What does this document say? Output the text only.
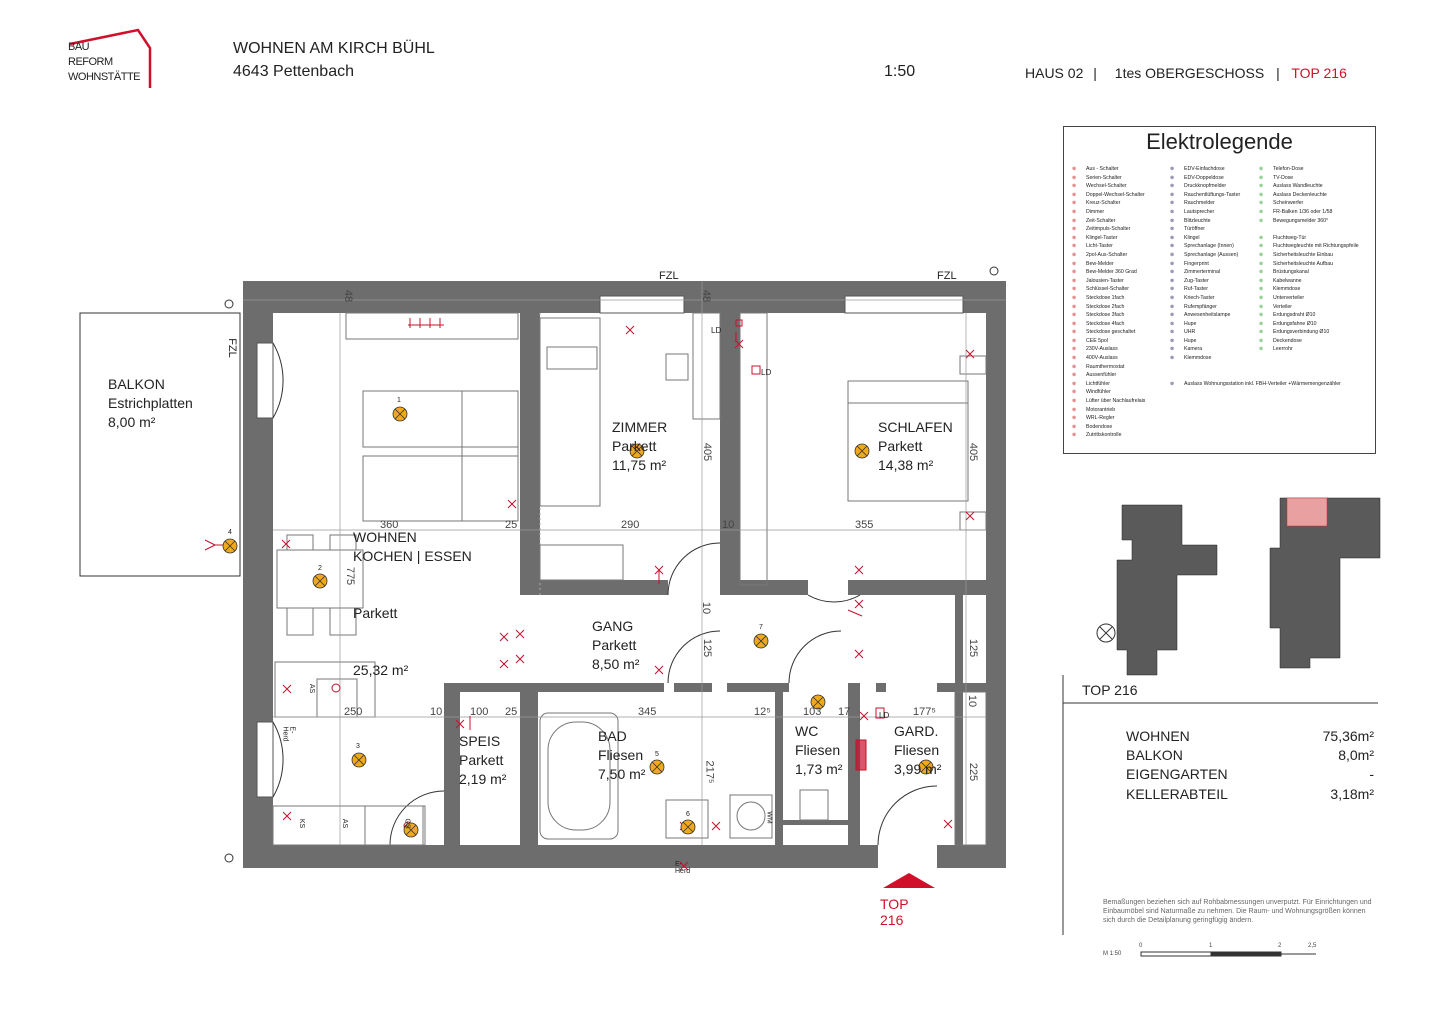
BAU
REFORM
WOHNSTÄTTE
WOHNEN AM KIRCH BÜHL
4643 Pettenbach	1:50	HAUS 02 | 1tes OBERGESCHOSS | TOP 216
BALKON
Estrichplatten
8,00 m²

WOHNEN
KOCHEN | ESSEN

Parkett

25,32 m²

ZIMMER
Parkett
11,75 m²
SCHLAFEN
Parkett
14,38 m²
GANG
Parkett
8,50 m²
SPEIS
Parkett
2,19 m²
BAD
Fliesen
7,50 m²
WC
Fliesen
1,73 m²
GARD.
Fliesen
3,99 m²
360	25	290	10	355
775
405	405
10
125	125
10
250	10	100 25	345	12⁵	103 17	177⁵
217⁵	225
48	48
FZL
FZL	FZL
LD
LD
LD
AS
AS
KS	GS	WM
E-Herd
E-Herd
1
2
3
4
5
6
7
TOP 216
Elektrolegende
⊗ Aus - Schalter
⊗ Serien-Schalter
⊗ Wechsel-Schalter
⊗ Doppel-Wechsel-Schalter
⊗ Kreuz-Schalter
⊗ Dimmer
⊗ Zeit-Schalter
⊗ Zeitimpuls-Schalter
⊗ Klingel-Taster
⊗ Licht-Taster
⊗ 2pol-Aus-Schalter
⊗ Bew-Melder
⊗ Bew-Melder 360 Grad
⊗ Jalousien-Taster
⊗ Schlüssel-Schalter
⊗ Steckdose 1fach
⊗ Steckdose 2fach
⊗ Steckdose 3fach
⊗ Steckdose 4fach
⊗ Steckdose geschaltet
⊗ CEE 5pol
⊗ 230V-Auslass
⊗ 400V-Auslass
⊗ Raumthermostat
⊗ Aussenfühler
⊗ Lichtfühler
⊗ Windfühler
⊗ Lüfter über Nachlaufrelais
⊗ Motorantrieb
⊗ WRL-Regler
⊗ Bodendose
⊗ Zutrittskontrolle
⊗ EDV-Einfachdose
⊗ EDV-Doppeldose
⊗ Druckknopfmelder
⊗ Rauchentlüftungs-Taster
⊗ Rauchmelder
⊗ Lautsprecher
⊗ Blitzleuchte
⊗ Türöffner
⊗ Klingel
⊗ Sprechanlage (Innen)
⊗ Sprechanlage (Aussen)
⊗ Fingerprint
⊗ Zimmerterminal
⊗ Zug-Taster
⊗ Ruf-Taster
⊗ Kriech-Taster
⊗ Rufempfänger
⊗ Anwesenheitslampe
⊗ Hupe
⊗ UHR
⊗ Hupe
⊗ Kamera
⊗ Klemmdose
⊗ Auslass Wohnungsstation inkl. FBH-Verteiler +Wärmemengenzähler
⊗ Telefon-Dose
⊗ TV-Dose
⊗ Auslass Wandleuchte
⊗ Auslass Deckenleuchte
⊗ Scheinwerfer
⊗ FR-Balken 1/36 oder 1/58
⊗ Bewegungsmelder 360°
⊗ Fluchtweg-Tür
⊗ Fluchtwegleuchte mit Richtungspfeile
⊗ Sicherheitsleuchte Einbau
⊗ Sicherheitsleuchte Aufbau
⊗ Brüstungskanal
⊗ Kabelwanne
⊗ Klemmdose
⊗ Unterverteiler
⊗ Verteiler
⊗ Erdungsdraht Ø10
⊗ Erdungsfahne Ø10
⊗ Erdungsverbindung Ø10
⊗ Deckendose
⊗ Leerrohr
TOP 216
WOHNEN	75,36m²
BALKON	8,0m²
EIGENGARTEN	-
KELLERABTEIL	3,18m²
Bemaßungen beziehen sich auf Rohbabmessungen unverputzt. Für Einrichtungen und Einbaumöbel sind Naturmaße zu nehmen. Die Raum- und Wohnungsgrößen können sich durch die Detailplanung geringfügig ändern.
M 1:50
0	1	2	2,5
